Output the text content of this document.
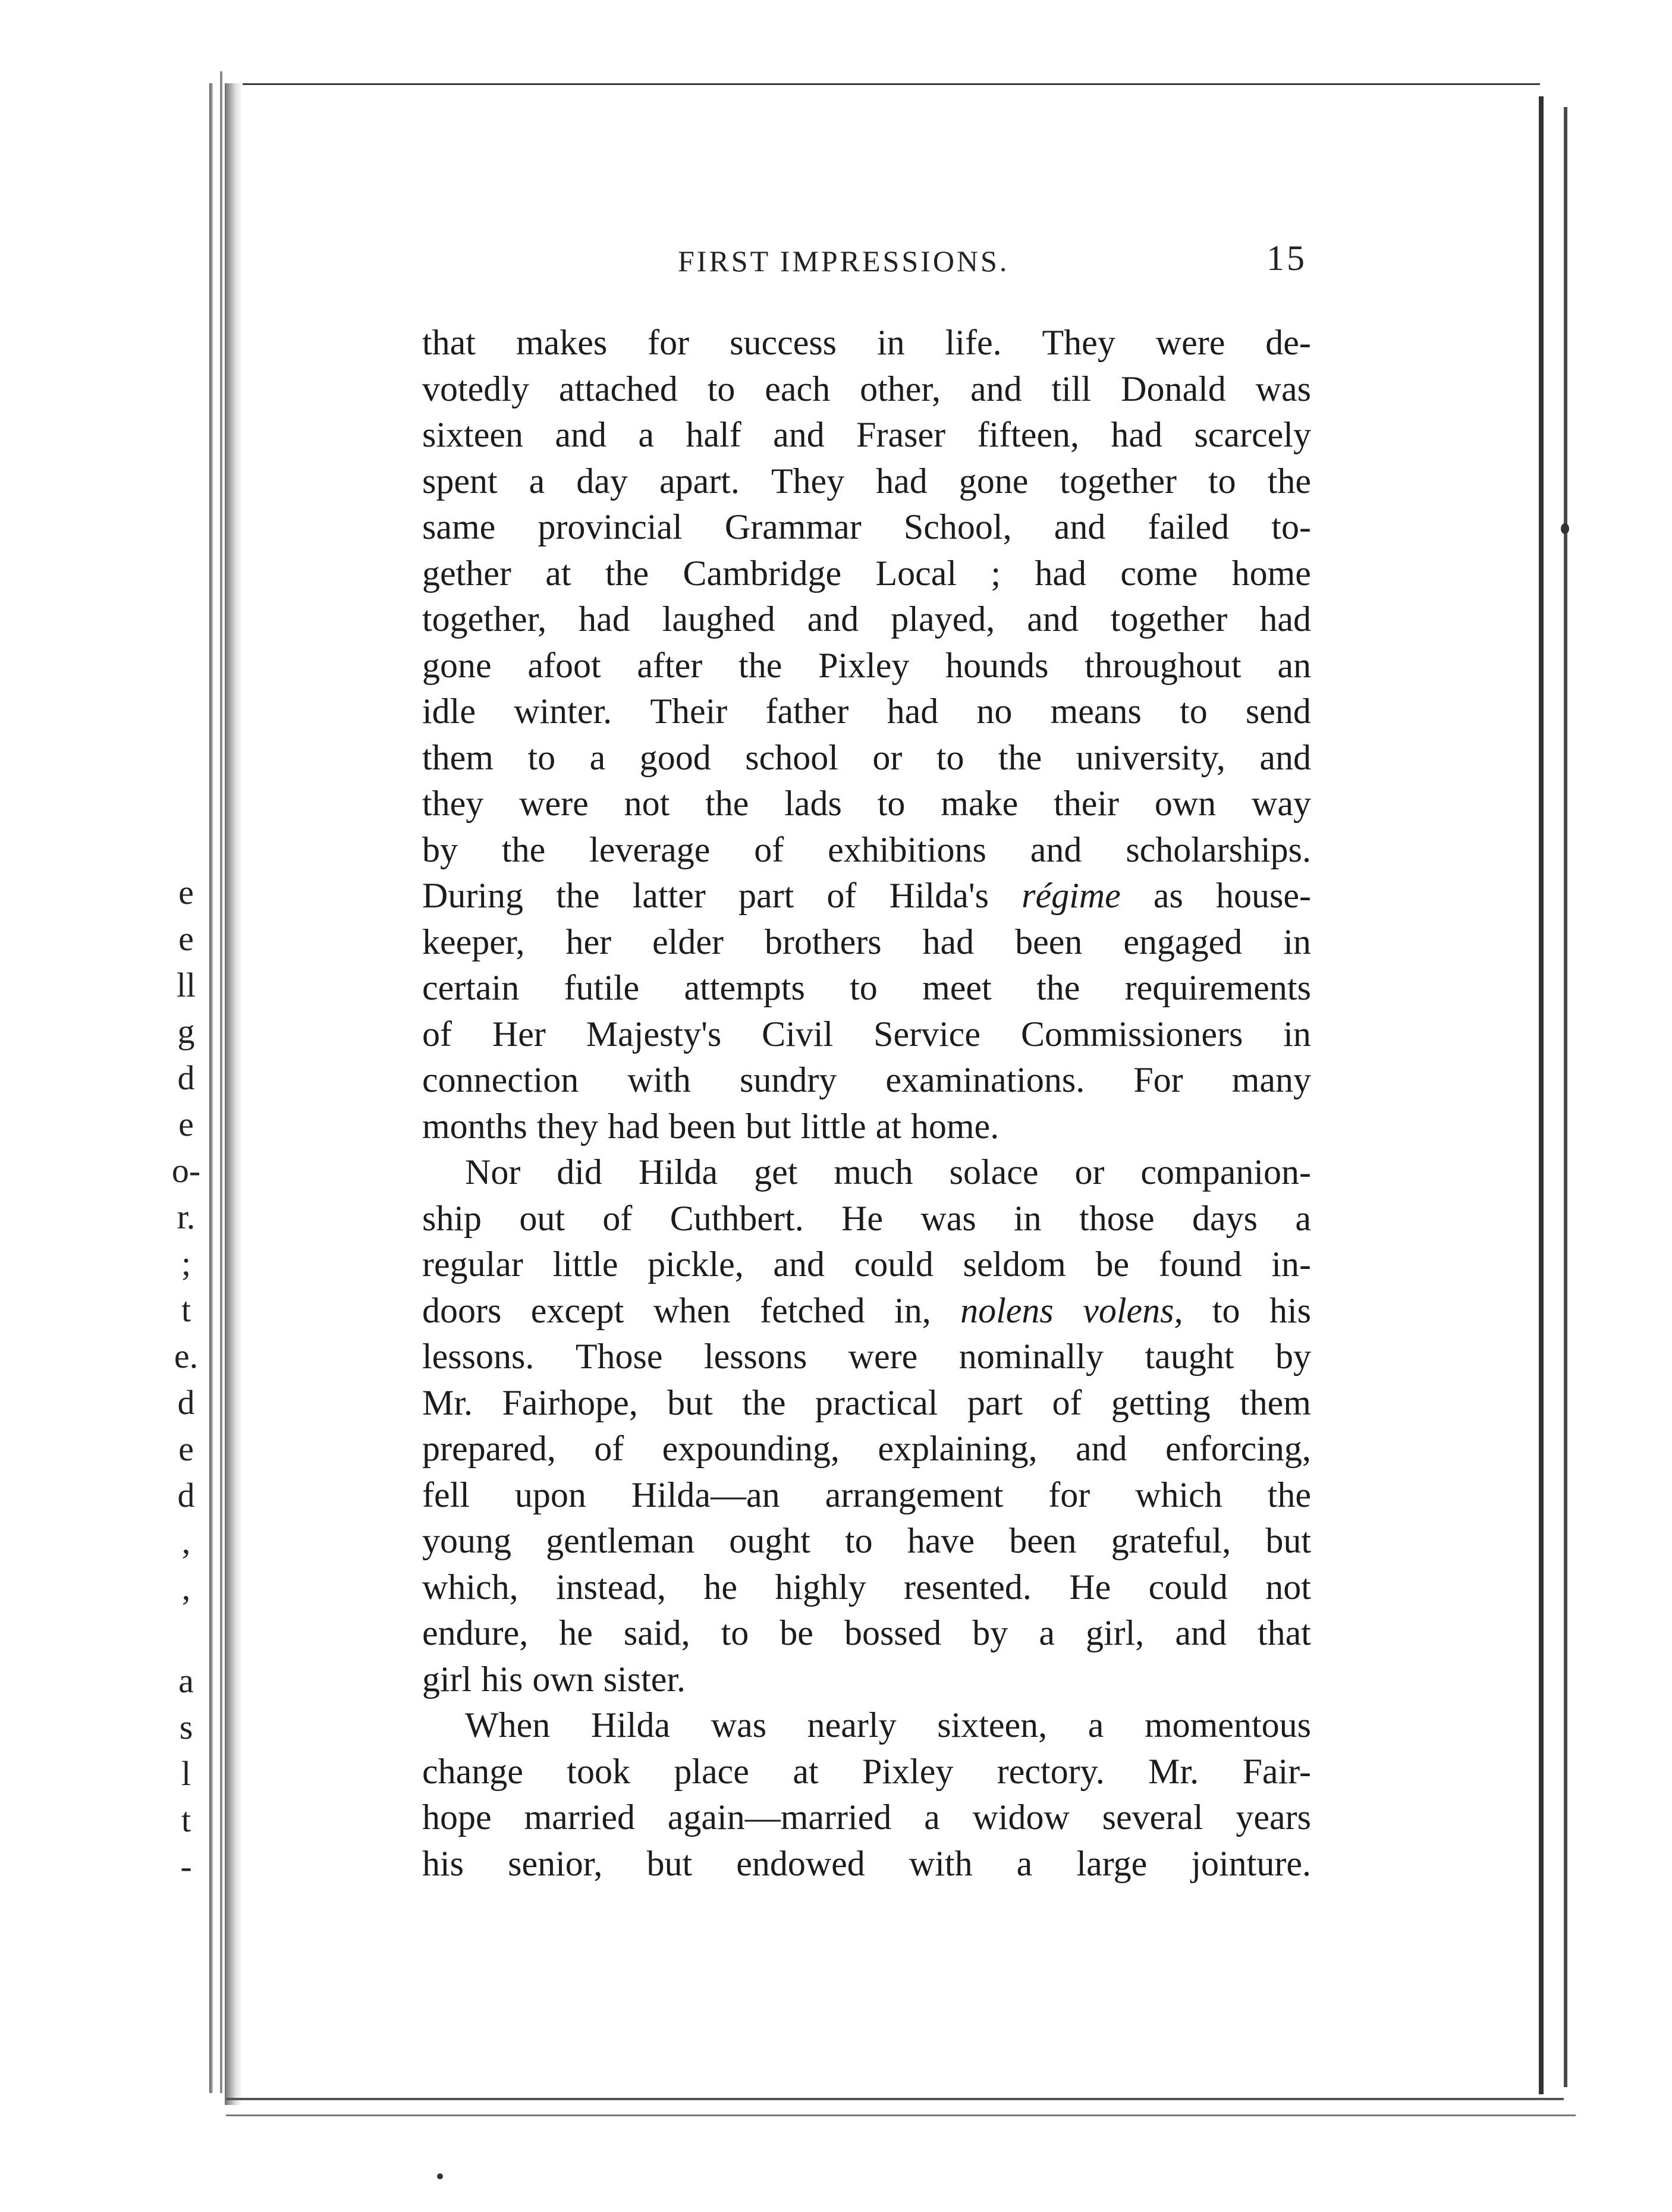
e
e
ll
g
d
e
o-
r.
;
t
e.
d
e
d
,
,
a
s
l
t
-
FIRST IMPRESSIONS.	15
that makes for success in life. They were de-
votedly attached to each other, and till Donald was
sixteen and a half and Fraser fifteen, had scarcely
spent a day apart. They had gone together to the
same provincial Grammar School, and failed to-
gether at the Cambridge Local ; had come home
together, had laughed and played, and together had
gone afoot after the Pixley hounds throughout an
idle winter. Their father had no means to send
them to a good school or to the university, and
they were not the lads to make their own way
by the leverage of exhibitions and scholarships.
During the latter part of Hilda's régime as house-
keeper, her elder brothers had been engaged in
certain futile attempts to meet the requirements
of Her Majesty's Civil Service Commissioners in
connection with sundry examinations. For many
months they had been but little at home.
Nor did Hilda get much solace or companion-
ship out of Cuthbert. He was in those days a
regular little pickle, and could seldom be found in-
doors except when fetched in, nolens volens, to his
lessons. Those lessons were nominally taught by
Mr. Fairhope, but the practical part of getting them
prepared, of expounding, explaining, and enforcing,
fell upon Hilda—an arrangement for which the
young gentleman ought to have been grateful, but
which, instead, he highly resented. He could not
endure, he said, to be bossed by a girl, and that
girl his own sister.
When Hilda was nearly sixteen, a momentous
change took place at Pixley rectory. Mr. Fair-
hope married again—married a widow several years
his senior, but endowed with a large jointure.
